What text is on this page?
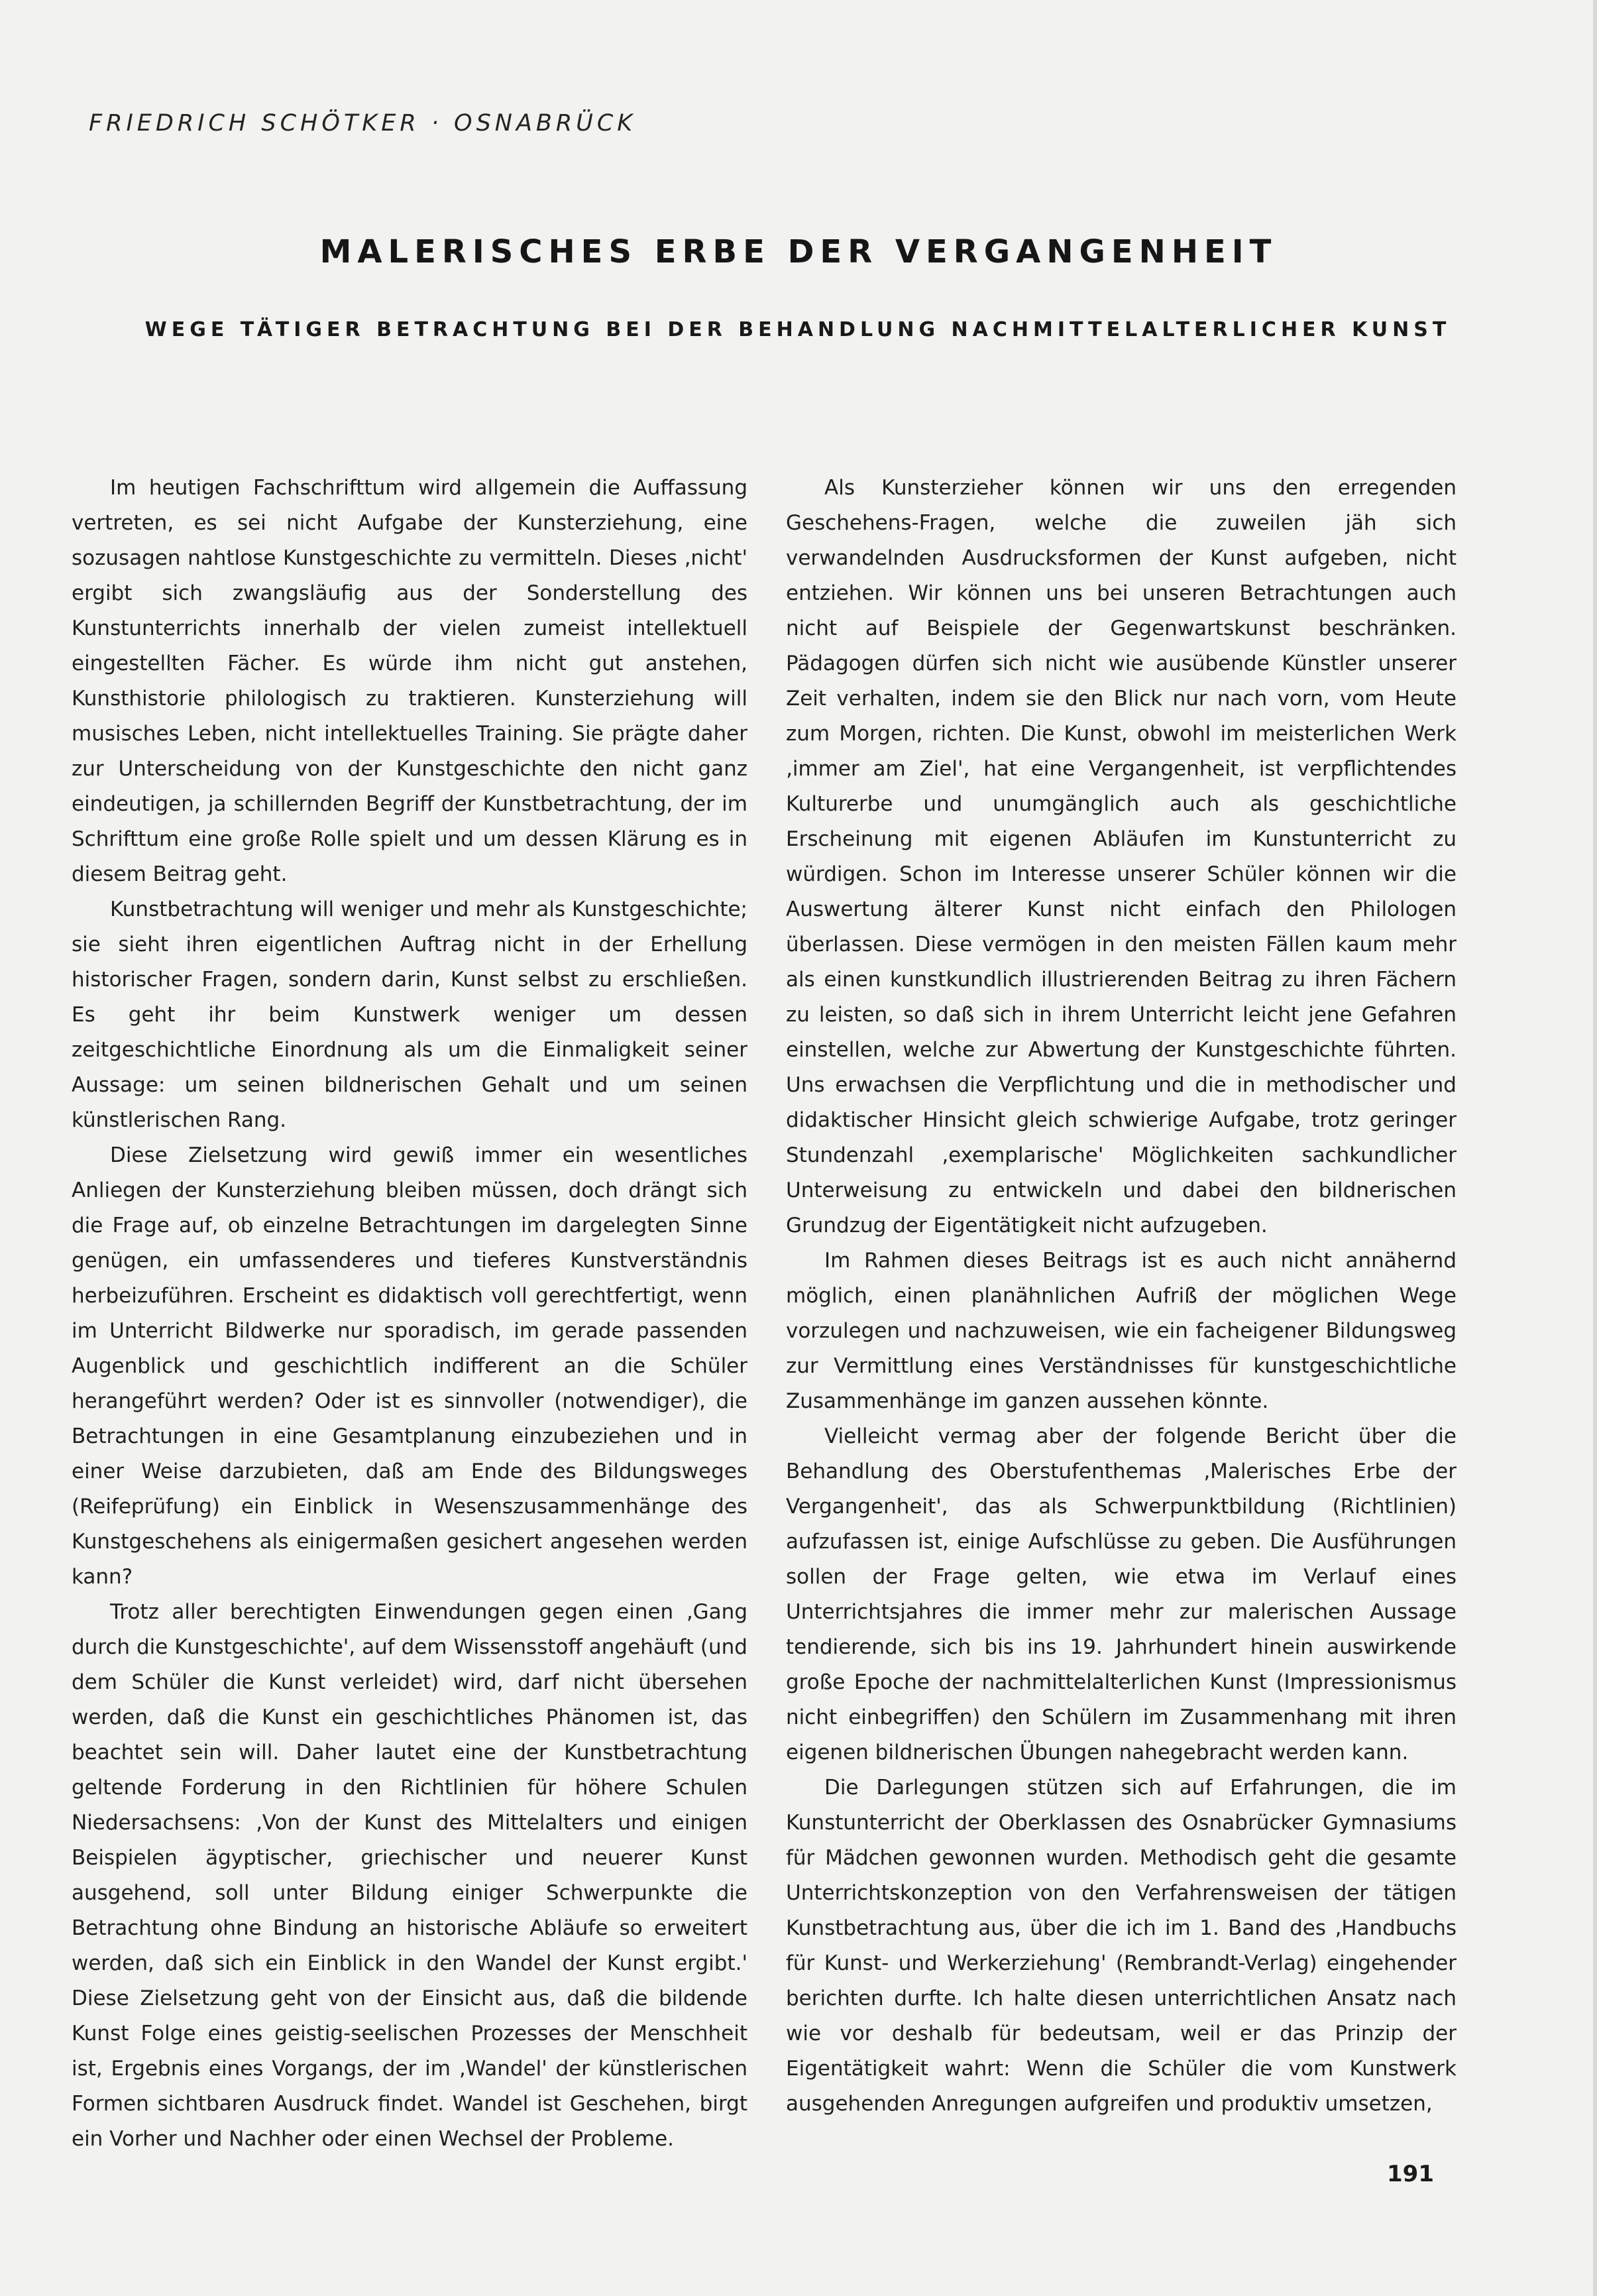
FRIEDRICH SCHÖTKER · OSNABRÜCK
MALERISCHES ERBE DER VERGANGENHEIT
WEGE TÄTIGER BETRACHTUNG BEI DER BEHANDLUNG NACHMITTELALTERLICHER KUNST

Im heutigen Fachschrifttum wird allgemein die Auffassung vertreten, es sei nicht Aufgabe der Kunsterziehung, eine sozusagen nahtlose Kunstgeschichte zu vermitteln. Dieses ‚nicht' ergibt sich zwangsläufig aus der Sonderstellung des Kunstunterrichts innerhalb der vielen zumeist intellektuell eingestellten Fächer. Es würde ihm nicht gut anstehen, Kunsthistorie philologisch zu traktieren. Kunsterziehung will musisches Leben, nicht intellektuelles Training. Sie prägte daher zur Unterscheidung von der Kunstgeschichte den nicht ganz eindeutigen, ja schillernden Begriff der Kunstbetrachtung, der im Schrifttum eine große Rolle spielt und um dessen Klärung es in diesem Beitrag geht.

Kunstbetrachtung will weniger und mehr als Kunstgeschichte; sie sieht ihren eigentlichen Auftrag nicht in der Erhellung historischer Fragen, sondern darin, Kunst selbst zu erschließen. Es geht ihr beim Kunstwerk weniger um dessen zeitgeschichtliche Einordnung als um die Einmaligkeit seiner Aussage: um seinen bildnerischen Gehalt und um seinen künstlerischen Rang.

Diese Zielsetzung wird gewiß immer ein wesentliches Anliegen der Kunsterziehung bleiben müssen, doch drängt sich die Frage auf, ob einzelne Betrachtungen im dargelegten Sinne genügen, ein umfassenderes und tieferes Kunstverständnis herbeizuführen. Erscheint es didaktisch voll gerechtfertigt, wenn im Unterricht Bildwerke nur sporadisch, im gerade passenden Augenblick und geschichtlich indifferent an die Schüler herangeführt werden? Oder ist es sinnvoller (notwendiger), die Betrachtungen in eine Gesamtplanung einzubeziehen und in einer Weise darzubieten, daß am Ende des Bildungsweges (Reifeprüfung) ein Einblick in Wesenszusammenhänge des Kunstgeschehens als einigermaßen gesichert angesehen werden kann?

Trotz aller berechtigten Einwendungen gegen einen ‚Gang durch die Kunstgeschichte', auf dem Wissensstoff angehäuft (und dem Schüler die Kunst verleidet) wird, darf nicht übersehen werden, daß die Kunst ein geschichtliches Phänomen ist, das beachtet sein will. Daher lautet eine der Kunstbetrachtung geltende Forderung in den Richtlinien für höhere Schulen Niedersachsens: ‚Von der Kunst des Mittelalters und einigen Beispielen ägyptischer, griechischer und neuerer Kunst ausgehend, soll unter Bildung einiger Schwerpunkte die Betrachtung ohne Bindung an historische Abläufe so erweitert werden, daß sich ein Einblick in den Wandel der Kunst ergibt.' Diese Zielsetzung geht von der Einsicht aus, daß die bildende Kunst Folge eines geistig-seelischen Prozesses der Menschheit ist, Ergebnis eines Vorgangs, der im ‚Wandel' der künstlerischen Formen sichtbaren Ausdruck findet. Wandel ist Geschehen, birgt ein Vorher und Nachher oder einen Wechsel der Probleme.

Als Kunsterzieher können wir uns den erregenden Geschehens-Fragen, welche die zuweilen jäh sich verwandelnden Ausdrucksformen der Kunst aufgeben, nicht entziehen. Wir können uns bei unseren Betrachtungen auch nicht auf Beispiele der Gegenwartskunst beschränken. Pädagogen dürfen sich nicht wie ausübende Künstler unserer Zeit verhalten, indem sie den Blick nur nach vorn, vom Heute zum Morgen, richten. Die Kunst, obwohl im meisterlichen Werk ‚immer am Ziel', hat eine Vergangenheit, ist verpflichtendes Kulturerbe und unumgänglich auch als geschichtliche Erscheinung mit eigenen Abläufen im Kunstunterricht zu würdigen. Schon im Interesse unserer Schüler können wir die Auswertung älterer Kunst nicht einfach den Philologen überlassen. Diese vermögen in den meisten Fällen kaum mehr als einen kunstkundlich illustrierenden Beitrag zu ihren Fächern zu leisten, so daß sich in ihrem Unterricht leicht jene Gefahren einstellen, welche zur Abwertung der Kunstgeschichte führten. Uns erwachsen die Verpflichtung und die in methodischer und didaktischer Hinsicht gleich schwierige Aufgabe, trotz geringer Stundenzahl ‚exemplarische' Möglichkeiten sachkundlicher Unterweisung zu entwickeln und dabei den bildnerischen Grundzug der Eigentätigkeit nicht aufzugeben.

Im Rahmen dieses Beitrags ist es auch nicht annähernd möglich, einen planähnlichen Aufriß der möglichen Wege vorzulegen und nachzuweisen, wie ein facheigener Bildungsweg zur Vermittlung eines Verständnisses für kunstgeschichtliche Zusammenhänge im ganzen aussehen könnte.

Vielleicht vermag aber der folgende Bericht über die Behandlung des Oberstufenthemas ‚Malerisches Erbe der Vergangenheit', das als Schwerpunktbildung (Richtlinien) aufzufassen ist, einige Aufschlüsse zu geben. Die Ausführungen sollen der Frage gelten, wie etwa im Verlauf eines Unterrichtsjahres die immer mehr zur malerischen Aussage tendierende, sich bis ins 19. Jahrhundert hinein auswirkende große Epoche der nachmittelalterlichen Kunst (Impressionismus nicht einbegriffen) den Schülern im Zusammenhang mit ihren eigenen bildnerischen Übungen nahegebracht werden kann.

Die Darlegungen stützen sich auf Erfahrungen, die im Kunstunterricht der Oberklassen des Osnabrücker Gymnasiums für Mädchen gewonnen wurden. Methodisch geht die gesamte Unterrichtskonzeption von den Verfahrensweisen der tätigen Kunstbetrachtung aus, über die ich im 1. Band des ‚Handbuchs für Kunst- und Werkerziehung' (Rembrandt-Verlag) eingehender berichten durfte. Ich halte diesen unterrichtlichen Ansatz nach wie vor deshalb für bedeutsam, weil er das Prinzip der Eigentätigkeit wahrt: Wenn die Schüler die vom Kunstwerk ausgehenden Anregungen aufgreifen und produktiv umsetzen,

191
